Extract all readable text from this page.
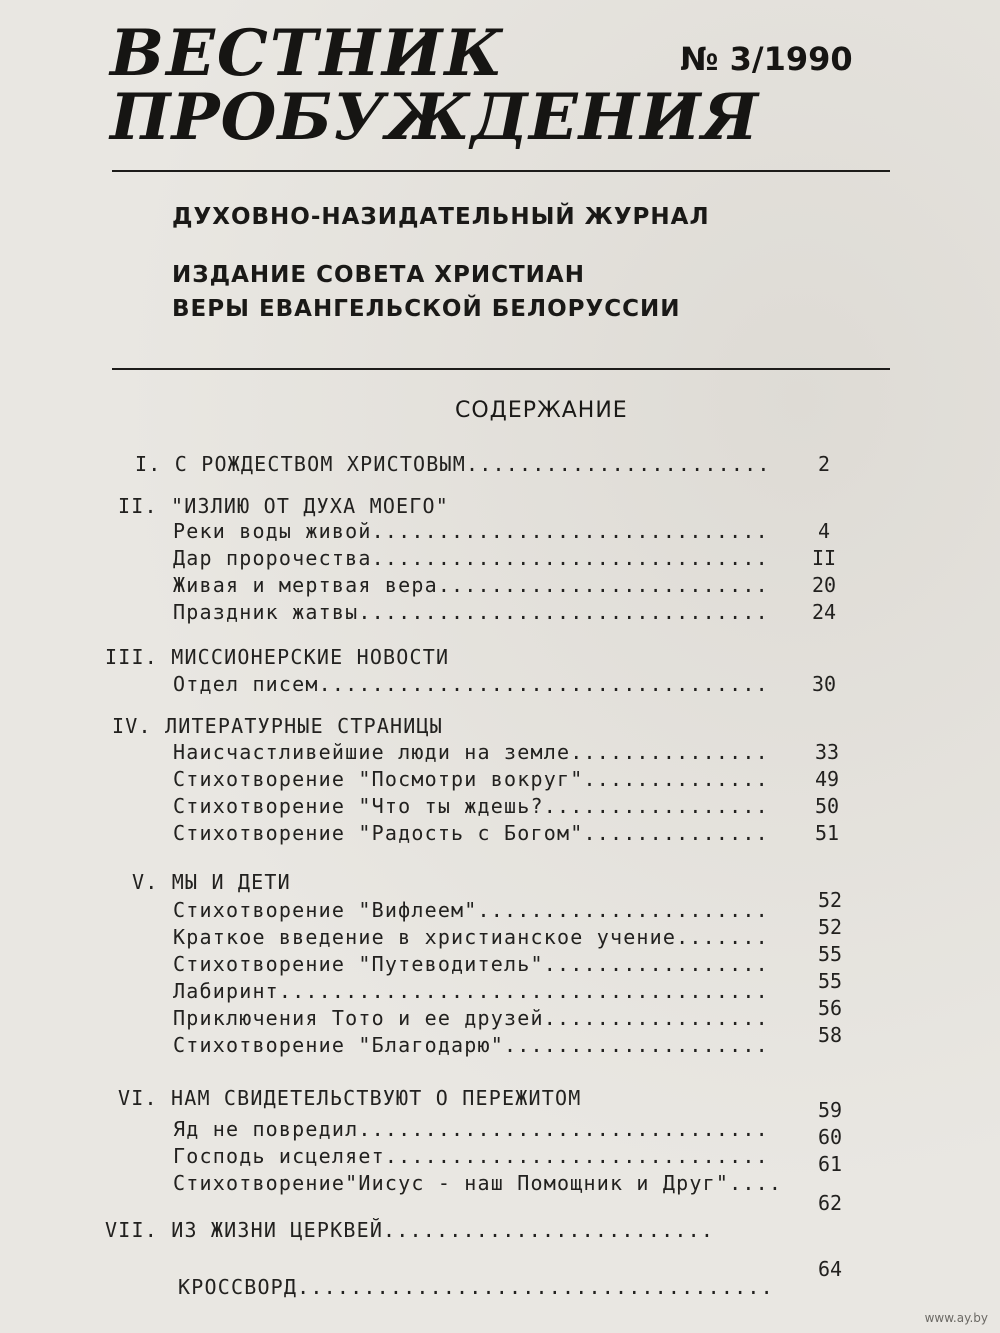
ВЕСТНИК
ПРОБУЖДЕНИЯ
№ 3/1990
ДУХОВНО-НАЗИДАТЕЛЬНЫЙ ЖУРНАЛ
ИЗДАНИЕ СОВЕТА ХРИСТИАН
ВЕРЫ ЕВАНГЕЛЬСКОЙ БЕЛОРУССИИ
СОДЕРЖАНИЕ
I. С РОЖДЕСТВОМ ХРИСТОВЫМ....................... 2
II. "ИЗЛИЮ ОТ ДУХА МОЕГО"
Реки воды живой.............................. 4
Дар пророчества.............................. II
Живая и мертвая вера......................... 20
Праздник жатвы............................... 24
III. МИССИОНЕРСКИЕ НОВОСТИ
Отдел писем.................................. 30
IV. ЛИТЕРАТУРНЫЕ СТРАНИЦЫ
Наисчастливейшие люди на земле............... 33
Стихотворение "Посмотри вокруг".............. 49
Стихотворение "Что ты ждешь?................. 50
Стихотворение "Радость с Богом".............. 51
V. МЫ И ДЕТИ
Стихотворение "Вифлеем"...................... 52
Краткое введение в христианское учение....... 52
Стихотворение "Путеводитель"................. 55
Лабиринт..................................... 55
Приключения Тото и ее друзей................. 56
Стихотворение "Благодарю".................... 58
VI. НАМ СВИДЕТЕЛЬСТВУЮТ О ПЕРЕЖИТОМ
Яд не повредил...............................
59
Господь исцеляет.............................
60
Стихотворение"Иисус - наш Помощник и Друг"....
61
VII. ИЗ ЖИЗНИ ЦЕРКВЕЙ.........................
62
КРОССВОРД....................................
64
www.ay.by
